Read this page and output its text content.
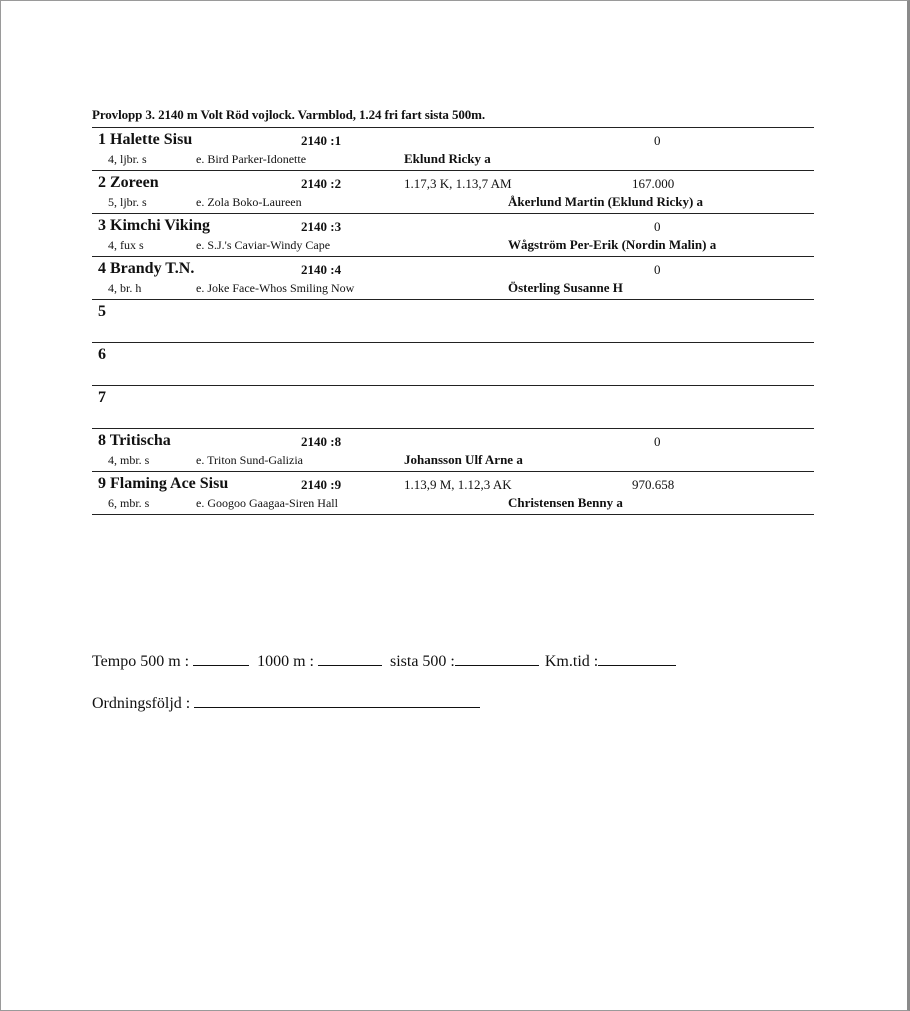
Provlopp 3. 2140 m Volt Röd vojlock. Varmblod, 1.24 fri fart sista 500m.
1 Halette Sisu	2140 :1	0
4, ljbr. s	e. Bird Parker-Idonette	Eklund Ricky a
2 Zoreen	2140 :2	1.17,3 K, 1.13,7 AM	167.000
5, ljbr. s	e. Zola Boko-Laureen	Åkerlund Martin (Eklund Ricky) a
3 Kimchi Viking	2140 :3	0
4, fux s	e. S.J.'s Caviar-Windy Cape	Wågström Per-Erik (Nordin Malin) a
4 Brandy T.N.	2140 :4	0
4, br. h	e. Joke Face-Whos Smiling Now	Österling Susanne H
5
6
7
8 Tritischa	2140 :8	0
4, mbr. s	e. Triton Sund-Galizia	Johansson Ulf Arne a
9 Flaming Ace Sisu	2140 :9	1.13,9 M, 1.12,3 AK	970.658
6, mbr. s	e. Googoo Gaagaa-Siren Hall	Christensen Benny a
Tempo 500 m :	1000 m :	sista 500 :	Km.tid :
Ordningsföljd :
